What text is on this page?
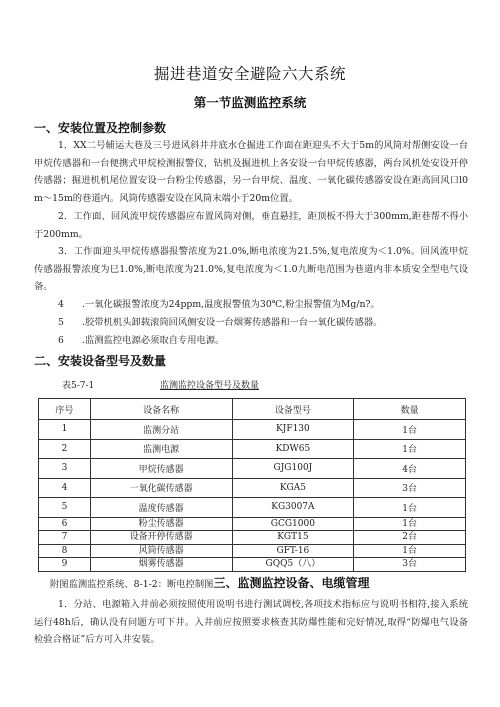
掘进巷道安全避险六大系统
第一节监测监控系统
一、安装位置及控制参数
1．XX二号辅运大巷及三号进风斜井井底水仓掘进工作面在距迎头不大于5m的风筒对帮侧安设一台甲烷传感器和一台便携式甲烷检测报警仪，钻机及掘进机上各安设一台甲烷传感器，两台风机处安设开停传感器；掘进机机尾位置安设一台粉尘传感器，另一台甲烷、温度、一氧化碳传感器安设在距高回风口l0m～15m的巷道内。风筒传感器安设在风筒末端小于20m位置。
2．工作面、回风流甲烷传感器应布置风筒对侧，垂直悬挂，距顶板不得大于300mm,距巷帮不得小于200mm。
3．工作面迎头甲烷传感器报警浓度为21.0%,断电浓度为21.5%,复电浓度为＜1.0%。回风流甲烷传感器报警浓度为巳1.0%,断电浓度为21.0%,复电浓度为＜1.0九断电范围为巷道内非本质安全型电气设备。
4 .一氧化碳报警浓度为24ppm,温度报警值为30℃,粉尘报警值为Mg/n?。
5 .胶带机机头卸载滚筒回风侧安设一台烟雾传感器和一台一氧化碳传感器。
6 .监测监控电源必须取自专用电源。
二、安装设备型号及数量
表5-7-1	监测监控设备型号及数量
序号	设备名称	设备型号	数量
1	监测分站	KJF130	1台
2	监测电源	KDW65	1台
3	甲烷传感器	GJG100J	4台
4	一氧化碳传感器	KGA5	3台
5	温度传感器	KG3007A	1台
6	粉尘传感器	GCG1000	1台
7	设备开停传感器	KGT15	2台
8	风筒传感器	GFT-16	1台
9	烟雾传感器	GQQ5（八）	3台
附图监测监控系统、8-1-2：断电控制图三、监测监控设备、电缆管理
1．分站、电源箱入井前必须按照使用说明书进行测试调校,各项技术指标应与说明书相符,接入系统运行48h后，确认没有问题方可下井。入井前应按照要求核查其防爆性能和完好情况,取得“防爆电气设备检验合格证”后方可入井安装。
